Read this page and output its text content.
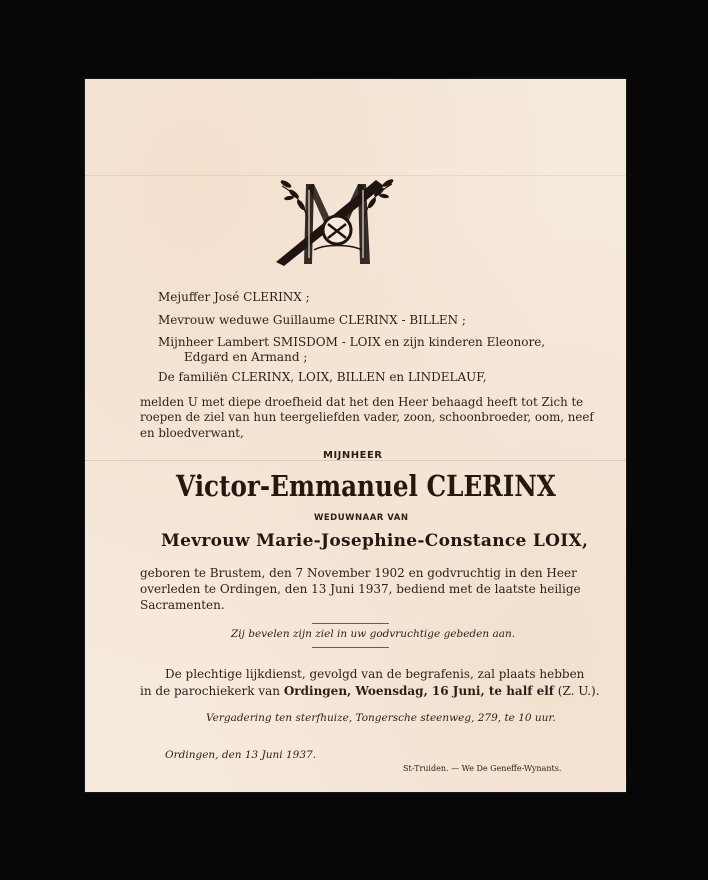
Mejuffer José CLERINX ;
Mevrouw weduwe Guillaume CLERINX - BILLEN ;
Mijnheer Lambert SMISDOM - LOIX en zijn kinderen Eleonore,
Edgard en Armand ;
De familiën CLERINX, LOIX, BILLEN en LINDELAUF,
melden U met diepe droefheid dat het den Heer behaagd heeft tot Zich te
roepen de ziel van hun teergeliefden vader, zoon, schoonbroeder, oom, neef
en bloedverwant,
MIJNHEER
Victor-Emmanuel CLERINX
WEDUWNAAR VAN
Mevrouw Marie-Josephine-Constance LOIX,
geboren te Brustem, den 7 November 1902 en godvruchtig in den Heer
overleden te Ordingen, den 13 Juni 1937, bediend met de laatste heilige
Sacramenten.
Zij bevelen zijn ziel in uw godvruchtige gebeden aan.
De plechtige lijkdienst, gevolgd van de begrafenis, zal plaats hebben
in de parochiekerk van Ordingen, Woensdag, 16 Juni, te half elf (Z. U.).
Vergadering ten sterfhuize, Tongersche steenweg, 279, te 10 uur.
Ordingen, den 13 Juni 1937.
St-Truiden. — We De Geneffe-Wynants.
